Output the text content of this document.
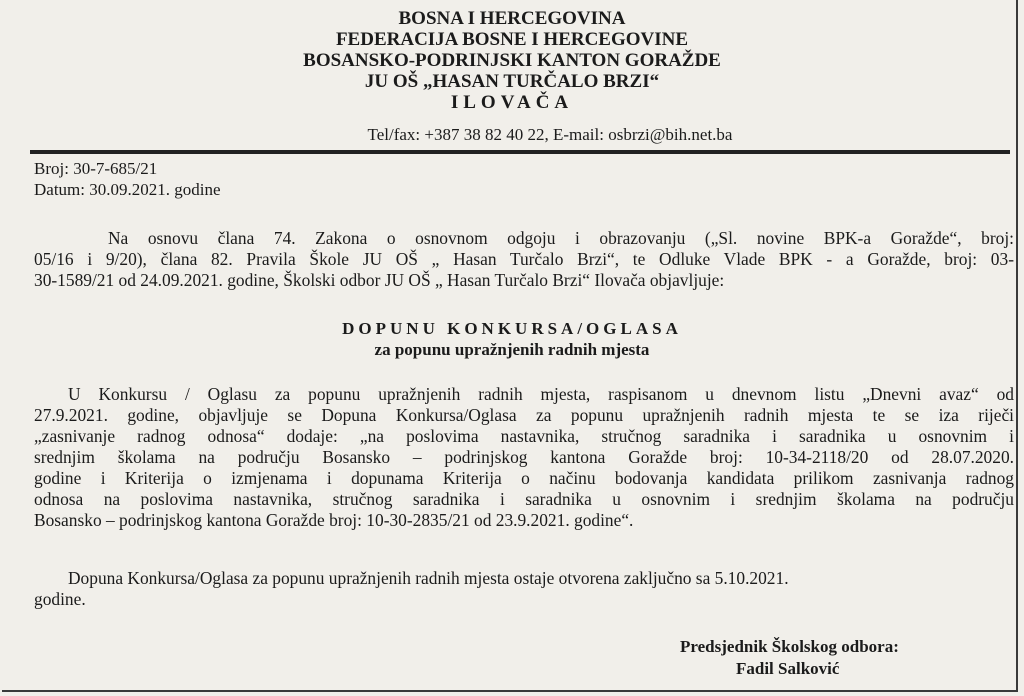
BOSNA I HERCEGOVINA
FEDERACIJA BOSNE I HERCEGOVINE
BOSANSKO-PODRINJSKI KANTON GORAŽDE
JU OŠ „HASAN TURČALO BRZI“
ILOVAČA
Tel/fax: +387 38 82 40 22, E-mail: osbrzi@bih.net.ba
Broj: 30-7-685/21
Datum: 30.09.2021. godine
Na osnovu člana 74. Zakona o osnovnom odgoju i obrazovanju („Sl. novine BPK-a Goražde“, broj:
05/16 i 9/20), člana 82. Pravila Škole JU OŠ „ Hasan Turčalo Brzi“, te Odluke Vlade BPK - a Goražde, broj: 03-
30-1589/21 od 24.09.2021. godine, Školski odbor JU OŠ „ Hasan Turčalo Brzi“ Ilovača objavljuje:
DOPUNU KONKURSA/OGLASA
za popunu upražnjenih radnih mjesta
U Konkursu / Oglasu za popunu upražnjenih radnih mjesta, raspisanom u dnevnom listu „Dnevni avaz“ od
27.9.2021. godine, objavljuje se Dopuna Konkursa/Oglasa za popunu upražnjenih radnih mjesta te se iza riječi
„zasnivanje radnog odnosa“ dodaje: „na poslovima nastavnika, stručnog saradnika i saradnika u osnovnim i
srednjim školama na području Bosansko – podrinjskog kantona Goražde broj: 10-34-2118/20 od 28.07.2020.
godine i Kriterija o izmjenama i dopunama Kriterija o načinu bodovanja kandidata prilikom zasnivanja radnog
odnosa na poslovima nastavnika, stručnog saradnika i saradnika u osnovnim i srednjim školama na području
Bosansko – podrinjskog kantona Goražde broj: 10-30-2835/21 od 23.9.2021. godine“.
Dopuna Konkursa/Oglasa za popunu upražnjenih radnih mjesta ostaje otvorena zaključno sa 5.10.2021.
godine.
Predsjednik Školskog odbora:
Fadil Salković
